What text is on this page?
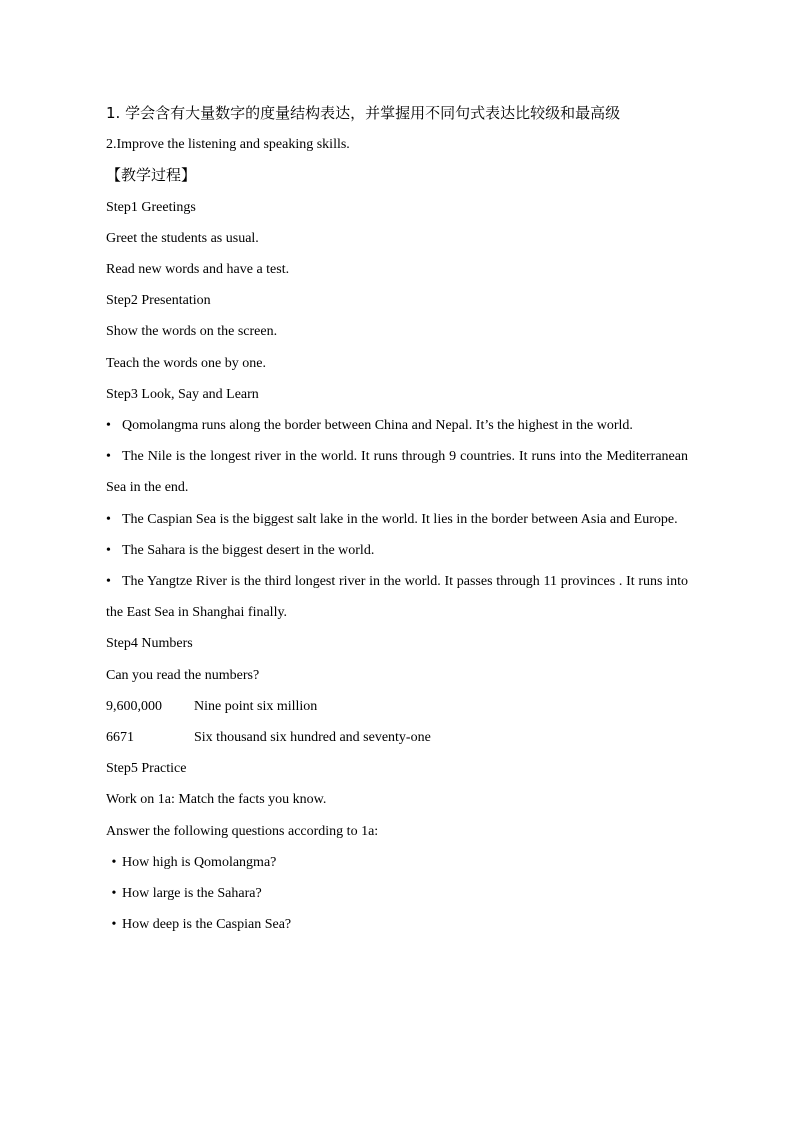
1. 学会含有大量数字的度量结构表达，并掌握用不同句式表达比较级和最高级
2.Improve the listening and speaking skills.
【教学过程】
Step1 Greetings
Greet the students as usual.
Read new words and have a test.
Step2 Presentation
Show the words on the screen.
Teach the words one by one.
Step3 Look, Say and Learn
• Qomolangma runs along the border between China and Nepal. It’s the highest in the world.
• The Nile is the longest river in the world. It runs through 9 countries. It runs into the Mediterranean Sea in the end.
• The Caspian Sea is the biggest salt lake in the world. It lies in the border between Asia and Europe.
• The Sahara is the biggest desert in the world.
• The Yangtze River is the third longest river in the world. It passes through 11 provinces . It runs into the East Sea in Shanghai finally.
Step4 Numbers
Can you read the numbers?
9,600,000	Nine point six million
6671	Six thousand six hundred and seventy-one
Step5 Practice
Work on 1a: Match the facts you know.
Answer the following questions according to 1a:
• How high is Qomolangma?
• How large is the Sahara?
• How deep is the Caspian Sea?
